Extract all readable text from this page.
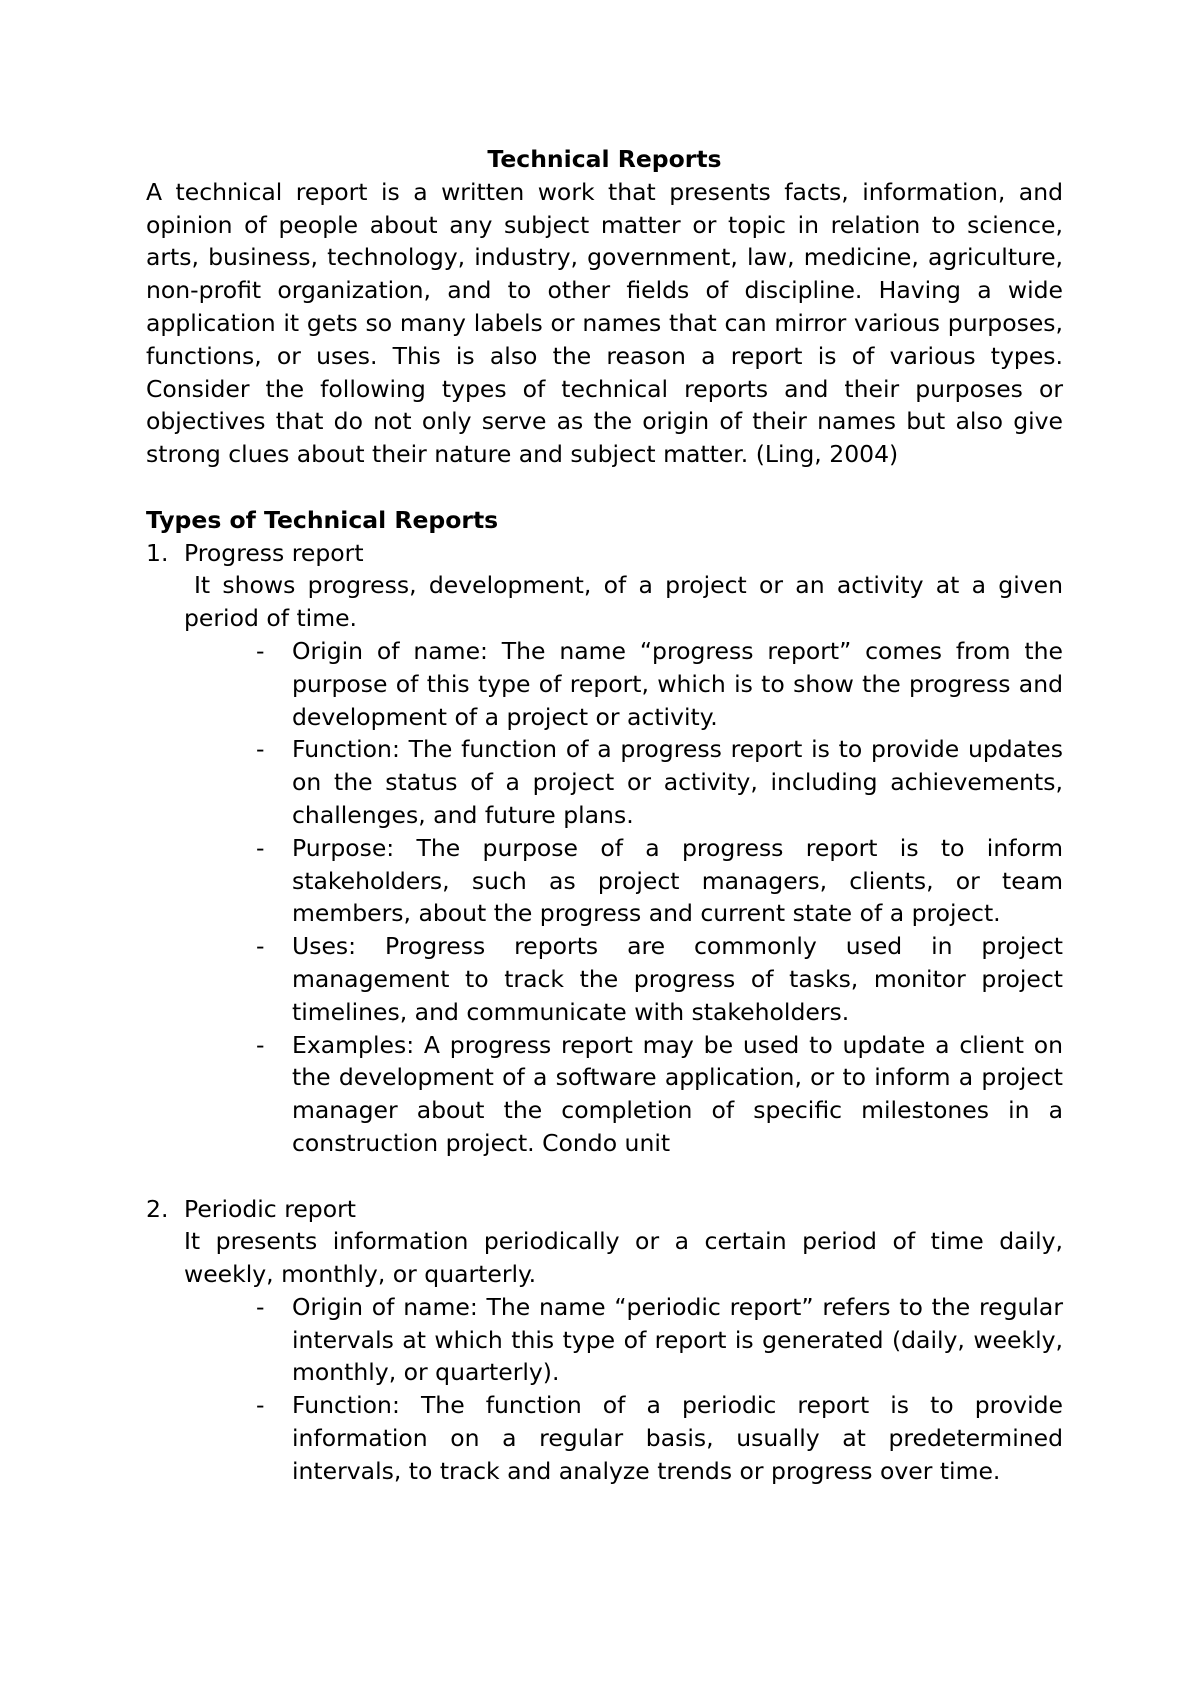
Technical Reports

A technical report is a written work that presents facts, information, and opinion of people about any subject matter or topic in relation to science, arts, business, technology, industry, government, law, medicine, agriculture, non-profit organization, and to other fields of discipline. Having a wide application it gets so many labels or names that can mirror various purposes, functions, or uses. This is also the reason a report is of various types. Consider the following types of technical reports and their purposes or objectives that do not only serve as the origin of their names but also give strong clues about their nature and subject matter. (Ling, 2004)

Types of Technical Reports

1. Progress report

It shows progress, development, of a project or an activity at a given period of time.

-	Origin of name: The name “progress report” comes from the purpose of this type of report, which is to show the progress and development of a project or activity.
-	Function: The function of a progress report is to provide updates on the status of a project or activity, including achievements, challenges, and future plans.
-	Purpose: The purpose of a progress report is to inform stakeholders, such as project managers, clients, or team members, about the progress and current state of a project.
-	Uses: Progress reports are commonly used in project management to track the progress of tasks, monitor project timelines, and communicate with stakeholders.
-	Examples: A progress report may be used to update a client on the development of a software application, or to inform a project manager about the completion of specific milestones in a construction project. Condo unit
2. Periodic report

It presents information periodically or a certain period of time daily, weekly, monthly, or quarterly.

-	Origin of name: The name “periodic report” refers to the regular intervals at which this type of report is generated (daily, weekly, monthly, or quarterly).
-	Function: The function of a periodic report is to provide information on a regular basis, usually at predetermined intervals, to track and analyze trends or progress over time.
